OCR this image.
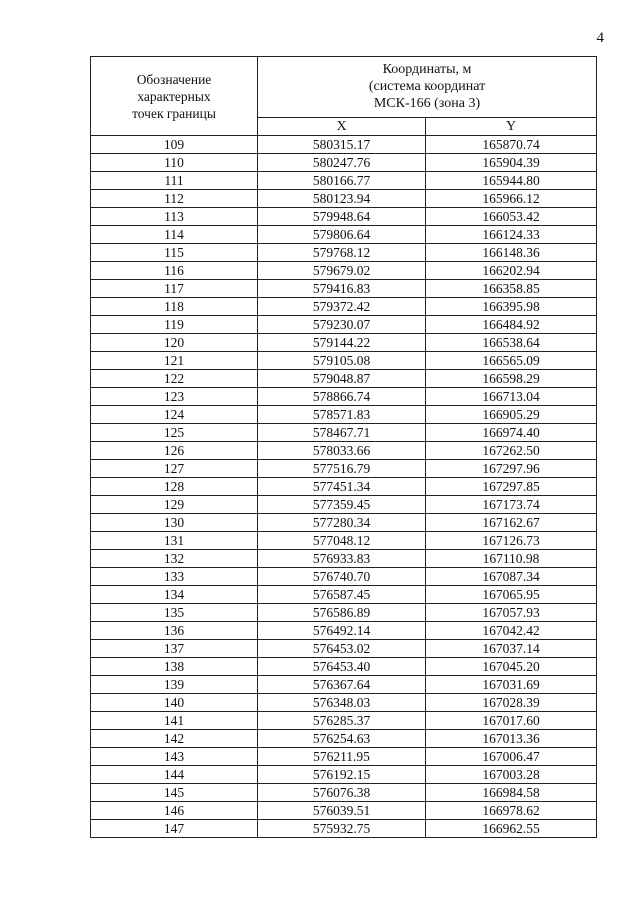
4
Обозначение
характерных
точек границы	Координаты, м
(система координат
МСК-166 (зона 3)	

	X	Y
109	580315.17	165870.74
110	580247.76	165904.39
111	580166.77	165944.80
112	580123.94	165966.12
113	579948.64	166053.42
114	579806.64	166124.33
115	579768.12	166148.36
116	579679.02	166202.94
117	579416.83	166358.85
118	579372.42	166395.98
119	579230.07	166484.92
120	579144.22	166538.64
121	579105.08	166565.09
122	579048.87	166598.29
123	578866.74	166713.04
124	578571.83	166905.29
125	578467.71	166974.40
126	578033.66	167262.50
127	577516.79	167297.96
128	577451.34	167297.85
129	577359.45	167173.74
130	577280.34	167162.67
131	577048.12	167126.73
132	576933.83	167110.98
133	576740.70	167087.34
134	576587.45	167065.95
135	576586.89	167057.93
136	576492.14	167042.42
137	576453.02	167037.14
138	576453.40	167045.20
139	576367.64	167031.69
140	576348.03	167028.39
141	576285.37	167017.60
142	576254.63	167013.36
143	576211.95	167006.47
144	576192.15	167003.28
145	576076.38	166984.58
146	576039.51	166978.62
147	575932.75	166962.55
